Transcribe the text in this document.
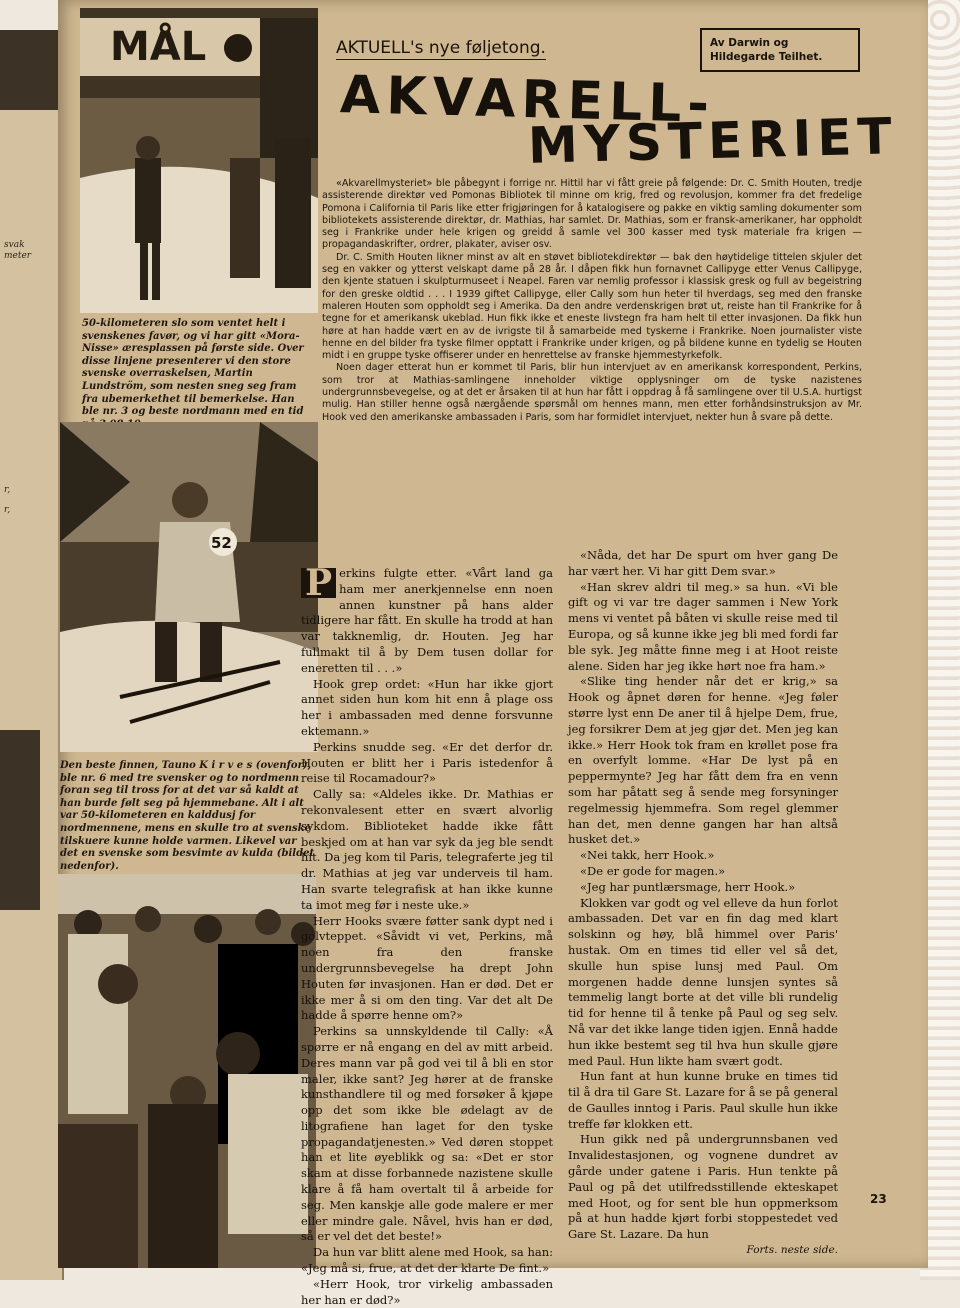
svak
meter
r,
r,
MÅL
50-kilometeren slo som ventet helt i svenskenes favør, og vi har gitt «Mora-Nisse» æresplassen på første side. Over disse linjene presenterer vi den store svenske overraskelsen, Martin Lundström, som nesten sneg seg fram fra ubemerkethet til bemerkelse. Han ble nr. 3 og beste nordmann med en tid
52
Den beste finnen, Tauno K i r v e s (ovenfor), ble nr. 6 med tre svensker og to nordmenn foran seg til tross for at det var så kaldt at han burde følt seg på hjemmebane. Alt i alt var 50-kilometeren en kalddusj for nordmennene, mens en skulle tro at svenske tilskuere kunne holde varmen. Likevel var det en svenske som besvimte av kulda (bildet nedenfor).
AKTUELL's nye føljetong.	Av Darwin og Hildegarde Teilhet.
AKVARELL-
MYSTERIET

«Akvarellmysteriet» ble påbegynt i forrige nr. Hittil har vi fått greie på følgende: Dr. C. Smith Houten, tredje assisterende direktør ved Pomonas Bibliotek til minne om krig, fred og revolusjon, kommer fra det fredelige Pomona i California til Paris like etter frigjøringen for å katalogisere og pakke en viktig samling dokumenter som bibliotekets assisterende direktør, dr. Mathias, har samlet. Dr. Mathias, som er fransk-amerikaner, har oppholdt seg i Frankrike under hele krigen og greidd å samle vel 300 kasser med tysk materiale fra krigen — propagandaskrifter, ordrer, plakater, aviser osv.

Dr. C. Smith Houten likner minst av alt en støvet bibliotekdirektør — bak den høytidelige tittelen skjuler det seg en vakker og ytterst velskapt dame på 28 år. I dåpen fikk hun fornavnet Callipyge etter Venus Callipyge, den kjente statuen i skulpturmuseet i Neapel. Faren var nemlig professor i klassisk gresk og full av begeistring for den greske oldtid . . . I 1939 giftet Callipyge, eller Cally som hun heter til hverdags, seg med den franske maleren Houten som oppholdt seg i Amerika. Da den andre verdenskrigen brøt ut, reiste han til Frankrike for å tegne for et amerikansk ukeblad. Hun fikk ikke et eneste livstegn fra ham helt til etter invasjonen. Da fikk hun høre at han hadde vært en av de ivrigste til å samarbeide med tyskerne i Frankrike. Noen journalister viste henne en del bilder fra tyske filmer opptatt i Frankrike under krigen, og på bildene kunne en tydelig se Houten midt i en gruppe tyske offiserer under en henrettelse av franske hjemmestyrkefolk.

Noen dager etterat hun er kommet til Paris, blir hun intervjuet av en amerikansk korrespondent, Perkins, som tror at Mathias-samlingene inneholder viktige opplysninger om de tyske nazistenes undergrunnsbevegelse, og at det er årsaken til at hun har fått i oppdrag å få samlingene over til U.S.A. hurtigst mulig. Han stiller henne også nærgående spørsmål om hennes mann, men etter forhåndsinstruksjon av Mr. Hook ved den amerikanske ambassaden i Paris, som har formidlet intervjuet, nekter hun å svare på dette.

P erkins fulgte etter. «Vårt land ga ham mer anerkjennelse enn noen annen kunstner på hans alder tidligere har fått. En skulle ha trodd at han var takknemlig, dr. Houten. Jeg har fullmakt til å by Dem tusen dollar for eneretten til . . .»

Hook grep ordet: «Hun har ikke gjort annet siden hun kom hit enn å plage oss her i ambassaden med denne forsvunne ektemann.»

Perkins snudde seg. «Er det derfor dr. Houten er blitt her i Paris istedenfor å reise til Rocamadour?»

Cally sa: «Aldeles ikke. Dr. Mathias er rekonvalesent etter en svært alvorlig sykdom. Biblioteket hadde ikke fått beskjed om at han var syk da jeg ble sendt hit. Da jeg kom til Paris, telegraferte jeg til dr. Mathias at jeg var underveis til ham. Han svarte telegrafisk at han ikke kunne ta imot meg før i neste uke.»

Herr Hooks svære føtter sank dypt ned i golvteppet. «Såvidt vi vet, Perkins, må noen fra den franske undergrunnsbevegelse ha drept John Houten før invasjonen. Han er død. Det er ikke mer å si om den ting. Var det alt De hadde å spørre henne om?»

Perkins sa unnskyldende til Cally: «Å spørre er nå engang en del av mitt arbeid. Deres mann var på god vei til å bli en stor maler, ikke sant? Jeg hører at de franske kunsthandlere til og med forsøker å kjøpe opp det som ikke ble ødelagt av de litografiene han laget for den tyske propagandatjenesten.» Ved døren stoppet han et lite øyeblikk og sa: «Det er stor skam at disse forbannede nazistene skulle klare å få ham overtalt til å arbeide for seg. Men kanskje alle gode malere er mer eller mindre gale. Nåvel, hvis han er død, så er vel det det beste!»

Da hun var blitt alene med Hook, sa han: «Jeg må si, frue, at det der klarte De fint.»

«Herr Hook, tror virkelig ambassaden her han er død?»

«Nåda, det har De spurt om hver gang De har vært her. Vi har gitt Dem svar.»

«Han skrev aldri til meg.» sa hun. «Vi ble gift og vi var tre dager sammen i New York mens vi ventet på båten vi skulle reise med til Europa, og så kunne ikke jeg bli med fordi far ble syk. Jeg måtte finne meg i at Hoot reiste alene. Siden har jeg ikke hørt noe fra ham.»

«Slike ting hender når det er krig,» sa Hook og åpnet døren for henne. «Jeg føler større lyst enn De aner til å hjelpe Dem, frue, jeg forsikrer Dem at jeg gjør det. Men jeg kan ikke.» Herr Hook tok fram en krøllet pose fra en overfylt lomme. «Har De lyst på en peppermynte? Jeg har fått dem fra en venn som har påtatt seg å sende meg forsyninger regelmessig hjemmefra. Som regel glemmer han det, men denne gangen har han altså husket det.»

«Nei takk, herr Hook.»

«De er gode for magen.»

«Jeg har puntlærsmage, herr Hook.»

Klokken var godt og vel elleve da hun forlot ambassaden. Det var en fin dag med klart solskinn og høy, blå himmel over Paris' hustak. Om en times tid eller vel så det, skulle hun spise lunsj med Paul. Om morgenen hadde denne lunsjen syntes så temmelig langt borte at det ville bli rundelig tid for henne til å tenke på Paul og seg selv. Nå var det ikke lange tiden igjen. Ennå hadde hun ikke bestemt seg til hva hun skulle gjøre med Paul. Hun likte ham svært godt.

Hun fant at hun kunne bruke en times tid til å dra til Gare St. Lazare for å se på general de Gaulles inntog i Paris. Paul skulle hun ikke treffe før klokken ett.

Hun gikk ned på undergrunnsbanen ved Invalidestasjonen, og vognene dundret av gårde under gatene i Paris. Hun tenkte på Paul og på det utilfredsstillende ekteskapet med Hoot, og for sent ble hun oppmerksom på at hun hadde kjørt forbi stoppestedet ved Gare St. Lazare. Da hun

Forts. neste side.

23
